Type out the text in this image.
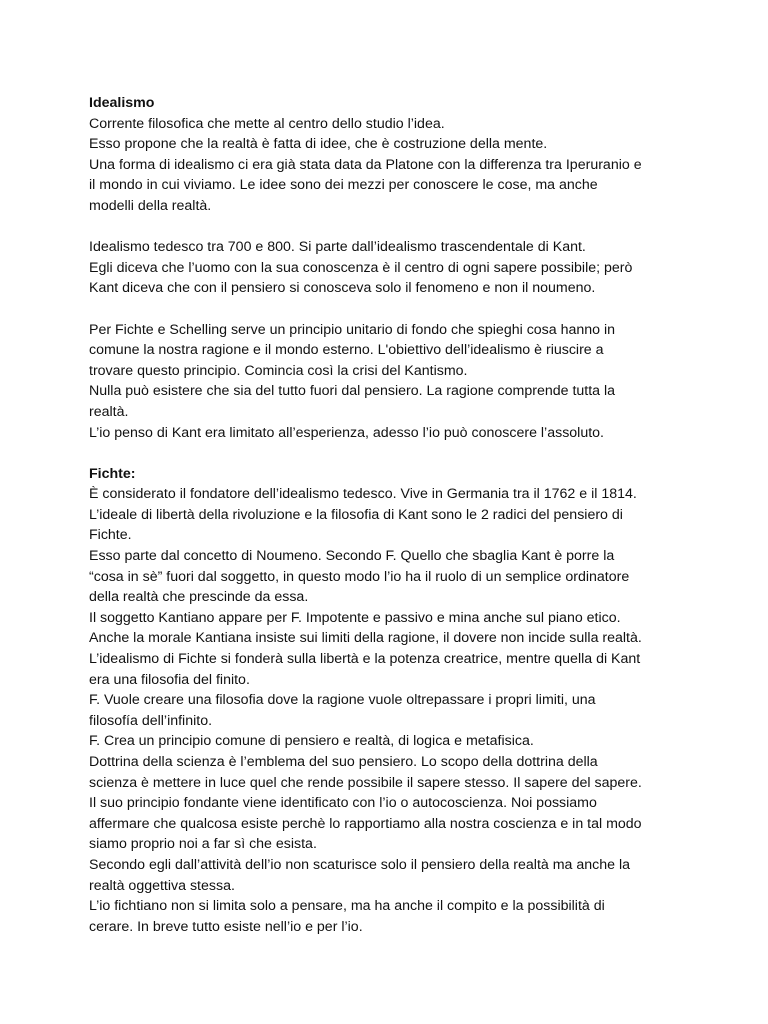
Idealismo
Corrente filosofica che mette al centro dello studio l’idea.
Esso propone che la realtà è fatta di idee, che è costruzione della mente.
Una forma di idealismo ci era già stata data da Platone con la differenza tra Iperuranio e
il mondo in cui viviamo. Le idee sono dei mezzi per conoscere le cose, ma anche
modelli della realtà.
Idealismo tedesco tra 700 e 800. Si parte dall’idealismo trascendentale di Kant.
Egli diceva che l’uomo con la sua conoscenza è il centro di ogni sapere possibile; però
Kant diceva che con il pensiero si conosceva solo il fenomeno e non il noumeno.
Per Fichte e Schelling serve un principio unitario di fondo che spieghi cosa hanno in
comune la nostra ragione e il mondo esterno. L'obiettivo dell’idealismo è riuscire a
trovare questo principio. Comincia così la crisi del Kantismo.
Nulla può esistere che sia del tutto fuori dal pensiero. La ragione comprende tutta la
realtà.
L’io penso di Kant era limitato all’esperienza, adesso l’io può conoscere l’assoluto.
Fichte:
È considerato il fondatore dell’idealismo tedesco. Vive in Germania tra il 1762 e il 1814.
L’ideale di libertà della rivoluzione e la filosofia di Kant sono le 2 radici del pensiero di
Fichte.
Esso parte dal concetto di Noumeno. Secondo F. Quello che sbaglia Kant è porre la
“cosa in sè” fuori dal soggetto, in questo modo l’io ha il ruolo di un semplice ordinatore
della realtà che prescinde da essa.
Il soggetto Kantiano appare per F. Impotente e passivo e mina anche sul piano etico.
Anche la morale Kantiana insiste sui limiti della ragione, il dovere non incide sulla realtà.
L’idealismo di Fichte si fonderà sulla libertà e la potenza creatrice, mentre quella di Kant
era una filosofia del finito.
F. Vuole creare una filosofia dove la ragione vuole oltrepassare i propri limiti, una
filosofía dell’infinito.
F. Crea un principio comune di pensiero e realtà, di logica e metafisica.
Dottrina della scienza è l’emblema del suo pensiero. Lo scopo della dottrina della
scienza è mettere in luce quel che rende possibile il sapere stesso. Il sapere del sapere.
Il suo principio fondante viene identificato con l’io o autocoscienza. Noi possiamo
affermare che qualcosa esiste perchè lo rapportiamo alla nostra coscienza e in tal modo
siamo proprio noi a far sì che esista.
Secondo egli dall’attività dell’io non scaturisce solo il pensiero della realtà ma anche la
realtà oggettiva stessa.
L’io fichtiano non si limita solo a pensare, ma ha anche il compito e la possibilità di
cerare. In breve tutto esiste nell’io e per l’io.
